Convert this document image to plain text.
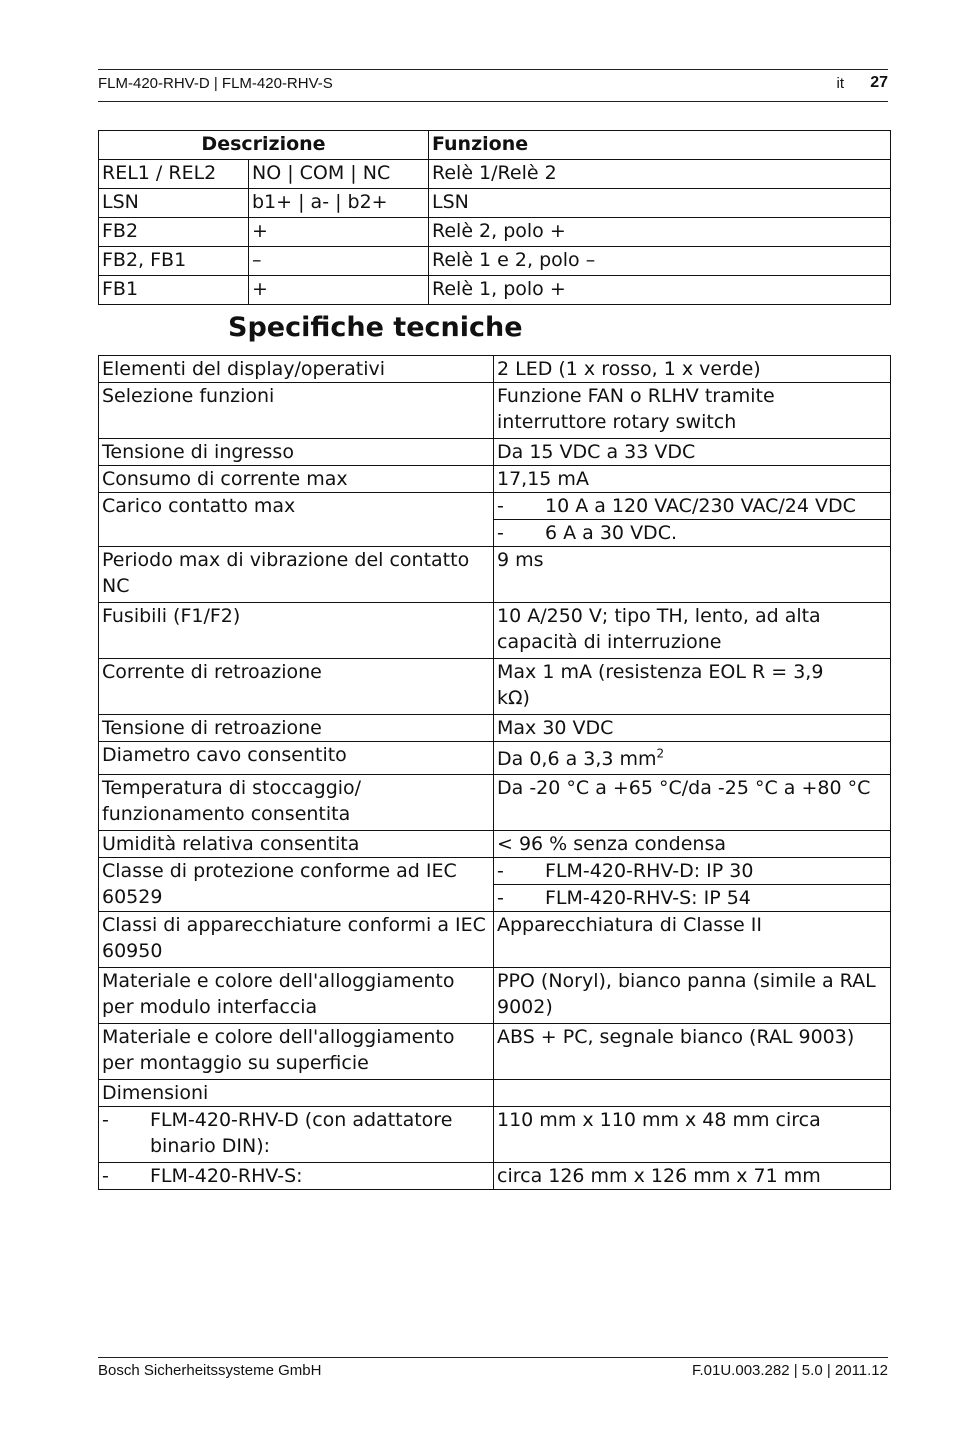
FLM-420-RHV-D | FLM-420-RHV-S	it 27
Descrizione		Funzione
REL1 / REL2	NO | COM | NC	Relè 1/Relè 2
LSN	b1+ | a- | b2+	LSN
FB2	+	Relè 2, polo +
FB2, FB1	–	Relè 1 e 2, polo –
FB1	+	Relè 1, polo +
Specifiche tecniche
Elementi del display/operativi	2 LED (1 x rosso, 1 x verde)
Selezione funzioni	Funzione FAN o RLHV tramite interruttore rotary switch
Tensione di ingresso	Da 15 VDC a 33 VDC
Consumo di corrente max	17,15 mA
Carico contatto max	- 10 A a 120 VAC/230 VAC/24 VDC
	- 6 A a 30 VDC.
Periodo max di vibrazione del contatto NC	9 ms
Fusibili (F1/F2)	10 A/250 V; tipo TH, lento, ad alta capacità di interruzione
Corrente di retroazione	Max 1 mA (resistenza EOL R = 3,9 kΩ)
Tensione di retroazione	Max 30 VDC
Diametro cavo consentito	Da 0,6 a 3,3 $mm^2$
Temperatura di stoccaggio/ funzionamento consentita	Da -20 °C a +65 °C/da -25 °C a +80 °C
Umidità relativa consentita	< 96 % senza condensa
Classe di protezione conforme ad IEC 60529	- FLM-420-RHV-D: IP 30
	- FLM-420-RHV-S: IP 54
Classi di apparecchiature conformi a IEC 60950	Apparecchiatura di Classe II
Materiale e colore dell'alloggiamento per modulo interfaccia	PPO (Noryl), bianco panna (simile a RAL 9002)
Materiale e colore dell'alloggiamento per montaggio su superficie	ABS + PC, segnale bianco (RAL 9003)
Dimensioni	

- FLM-420-RHV-D (con adattatore binario DIN):	110 mm x 110 mm x 48 mm circa
- FLM-420-RHV-S:	circa 126 mm x 126 mm x 71 mm
Bosch Sicherheitssysteme GmbH	F.01U.003.282 | 5.0 | 2011.12
